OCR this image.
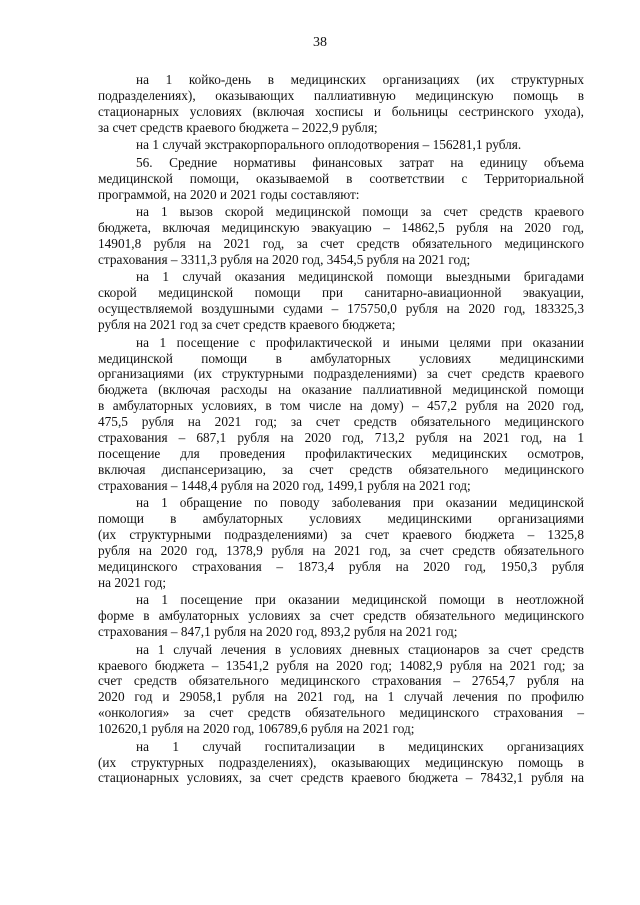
38
на 1 койко-день в медицинских организациях (их структурных
подразделениях), оказывающих паллиативную медицинскую помощь в
стационарных условиях (включая хосписы и больницы сестринского ухода),
за счет средств краевого бюджета – 2022,9 рубля;
на 1 случай экстракорпорального оплодотворения – 156281,1 рубля.
56. Средние нормативы финансовых затрат на единицу объема
медицинской помощи, оказываемой в соответствии с Территориальной
программой, на 2020 и 2021 годы составляют:
на 1 вызов скорой медицинской помощи за счет средств краевого
бюджета, включая медицинскую эвакуацию – 14862,5 рубля на 2020 год,
14901,8 рубля на 2021 год, за счет средств обязательного медицинского
страхования – 3311,3 рубля на 2020 год, 3454,5 рубля на 2021 год;
на 1 случай оказания медицинской помощи выездными бригадами
скорой медицинской помощи при санитарно-авиационной эвакуации,
осуществляемой воздушными судами – 175750,0 рубля на 2020 год, 183325,3
рубля на 2021 год за счет средств краевого бюджета;
на 1 посещение с профилактической и иными целями при оказании
медицинской помощи в амбулаторных условиях медицинскими
организациями (их структурными подразделениями) за счет средств краевого
бюджета (включая расходы на оказание паллиативной медицинской помощи
в амбулаторных условиях, в том числе на дому) – 457,2 рубля на 2020 год,
475,5 рубля на 2021 год; за счет средств обязательного медицинского
страхования – 687,1 рубля на 2020 год, 713,2 рубля на 2021 год, на 1
посещение для проведения профилактических медицинских осмотров,
включая диспансеризацию, за счет средств обязательного медицинского
страхования – 1448,4 рубля на 2020 год, 1499,1 рубля на 2021 год;
на 1 обращение по поводу заболевания при оказании медицинской
помощи в амбулаторных условиях медицинскими организациями
(их структурными подразделениями) за счет краевого бюджета – 1325,8
рубля на 2020 год, 1378,9 рубля на 2021 год, за счет средств обязательного
медицинского страхования – 1873,4 рубля на 2020 год, 1950,3 рубля
на 2021 год;
на 1 посещение при оказании медицинской помощи в неотложной
форме в амбулаторных условиях за счет средств обязательного медицинского
страхования – 847,1 рубля на 2020 год, 893,2 рубля на 2021 год;
на 1 случай лечения в условиях дневных стационаров за счет средств
краевого бюджета – 13541,2 рубля на 2020 год; 14082,9 рубля на 2021 год; за
счет средств обязательного медицинского страхования – 27654,7 рубля на
2020 год и 29058,1 рубля на 2021 год, на 1 случай лечения по профилю
«онкология» за счет средств обязательного медицинского страхования –
102620,1 рубля на 2020 год, 106789,6 рубля на 2021 год;
на 1 случай госпитализации в медицинских организациях
(их структурных подразделениях), оказывающих медицинскую помощь в
стационарных условиях, за счет средств краевого бюджета – 78432,1 рубля на
